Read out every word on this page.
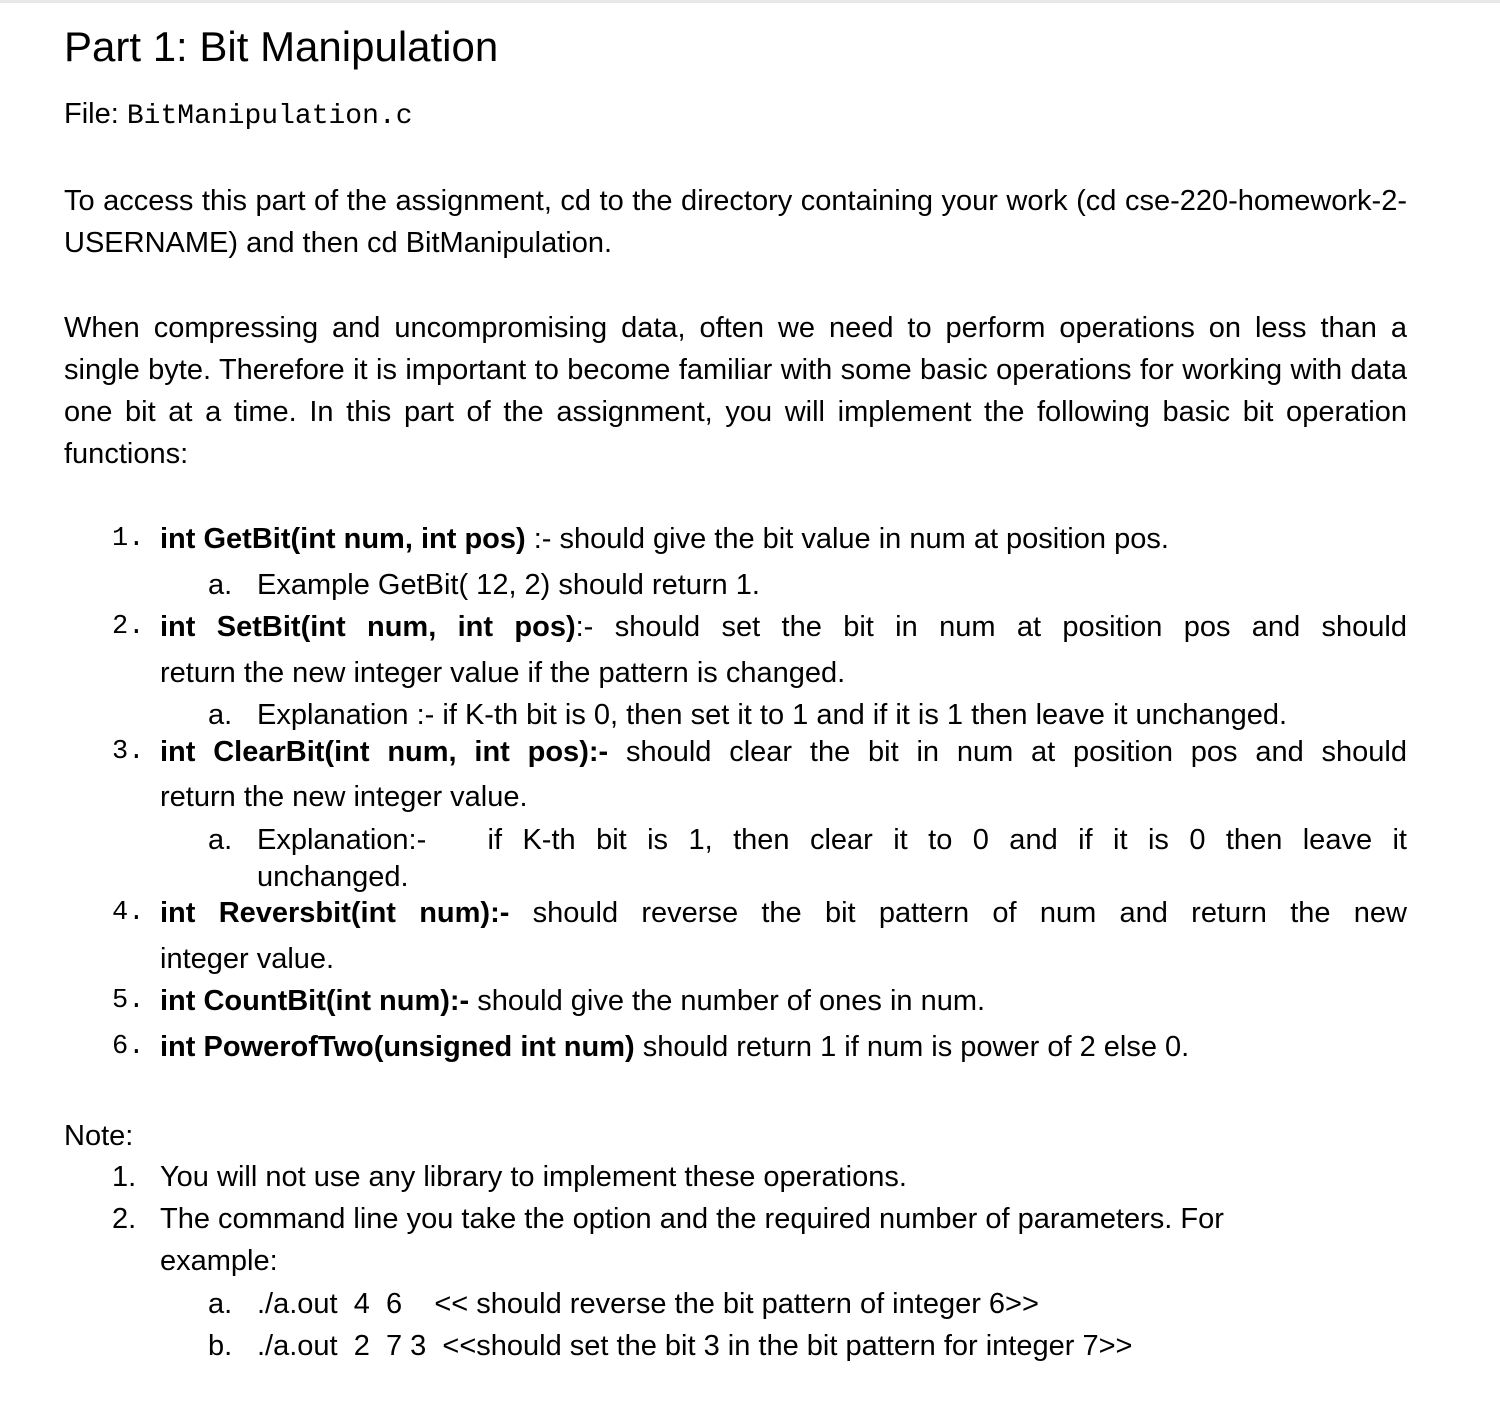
Part 1: Bit Manipulation
File: BitManipulation.c
To access this part of the assignment, cd to the directory containing your work (cd cse-220-homework-2-USERNAME) and then cd BitManipulation.
When compressing and uncompromising data, often we need to perform operations on less than a single byte. Therefore it is important to become familiar with some basic operations for working with data one bit at a time. In this part of the assignment, you will implement the following basic bit operation functions:
1. int GetBit(int num, int pos) :- should give the bit value in num at position pos.
a. Example GetBit( 12, 2) should return 1.
2. int SetBit(int num, int pos):- should set the bit in num at position pos and should
return the new integer value if the pattern is changed.
a. Explanation :- if K-th bit is 0, then set it to 1 and if it is 1 then leave it unchanged.
3. int ClearBit(int num, int pos):- should clear the bit in num at position pos and should
return the new integer value.
a. Explanation:-   if K-th bit is 1, then clear it to 0 and if it is 0 then leave it
unchanged.
4. int Reversbit(int num):- should reverse the bit pattern of num and return the new
integer value.
5. int CountBit(int num):- should give the number of ones in num.
6. int PowerofTwo(unsigned int num) should return 1 if num is power of 2 else 0.
Note:
1. You will not use any library to implement these operations.
2. The command line you take the option and the required number of parameters. For
example:
a. ./a.out  4  6 << should reverse the bit pattern of integer 6>>
b. ./a.out  2  7 3 <<should set the bit 3 in the bit pattern for integer 7>>
